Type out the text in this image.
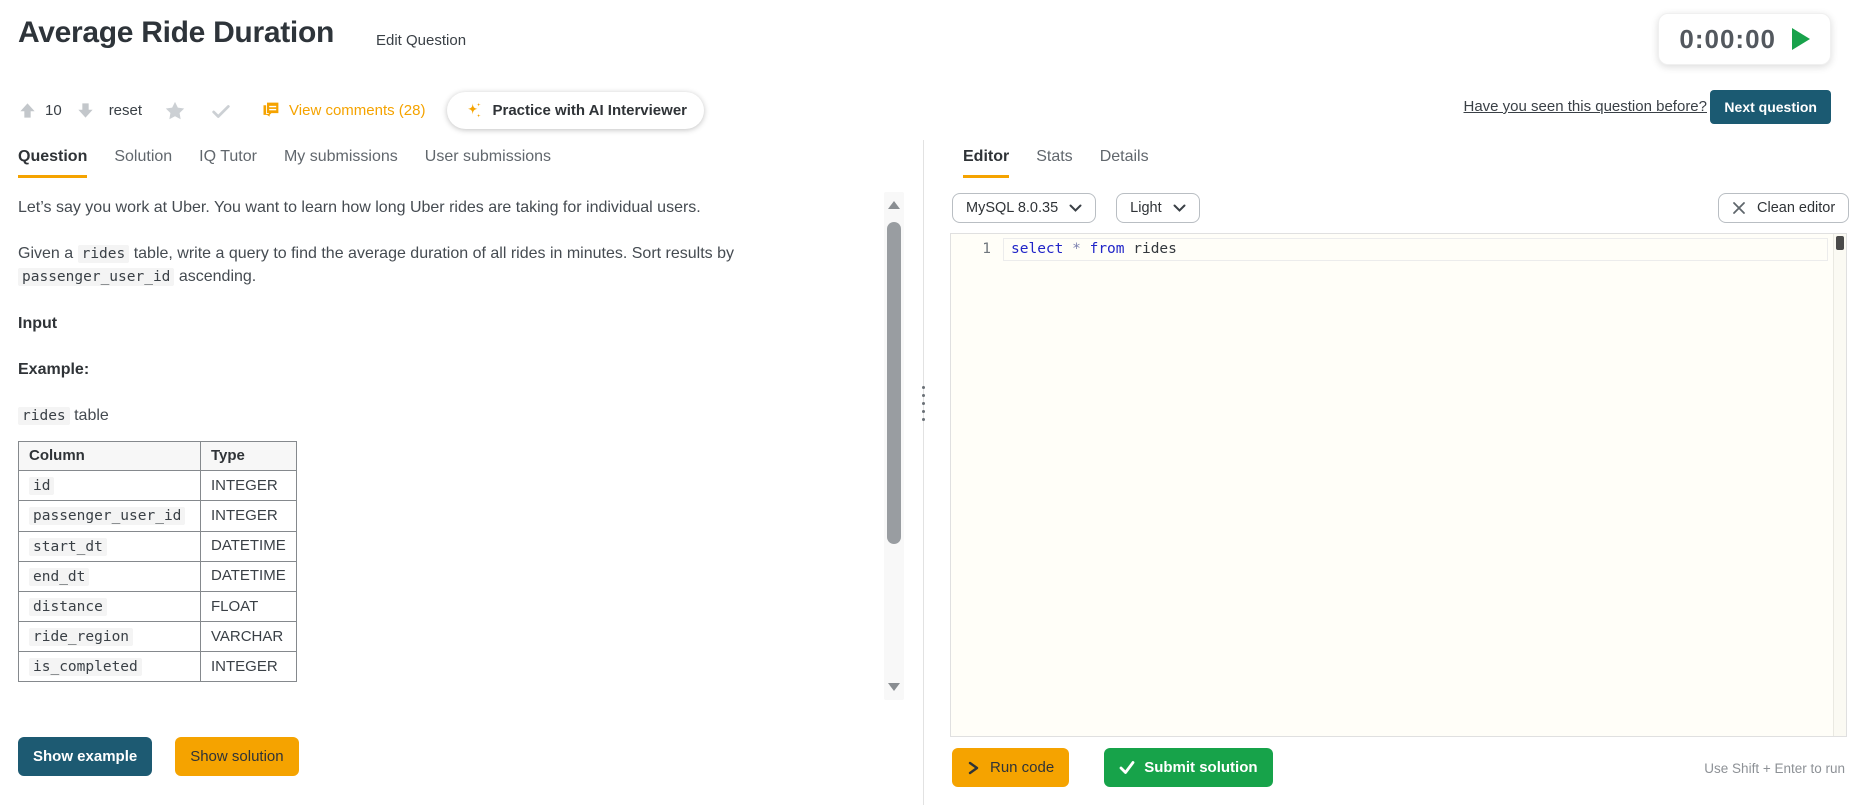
Average Ride Duration	Edit Question	0:00:00
10	reset	View comments (28)	Practice with AI Interviewer	Have you seen this question before?	Next question
Question Solution IQ Tutor My submissions User submissions

Let’s say you work at Uber. You want to learn how long Uber rides are taking for individual users.

Given a rides table, write a query to find the average duration of all rides in minutes. Sort results by passenger_user_id ascending.

Input
Example:

rides table

Column	Type
id	INTEGER
passenger_user_id	INTEGER
start_dt	DATETIME
end_dt	DATETIME
distance	FLOAT
ride_region	VARCHAR
is_completed	INTEGER
Show example	Show solution
Editor Stats Details
MySQL 8.0.35	Light	Clean editor
1 select * from rides
Run code	Submit solution	Use Shift + Enter to run
